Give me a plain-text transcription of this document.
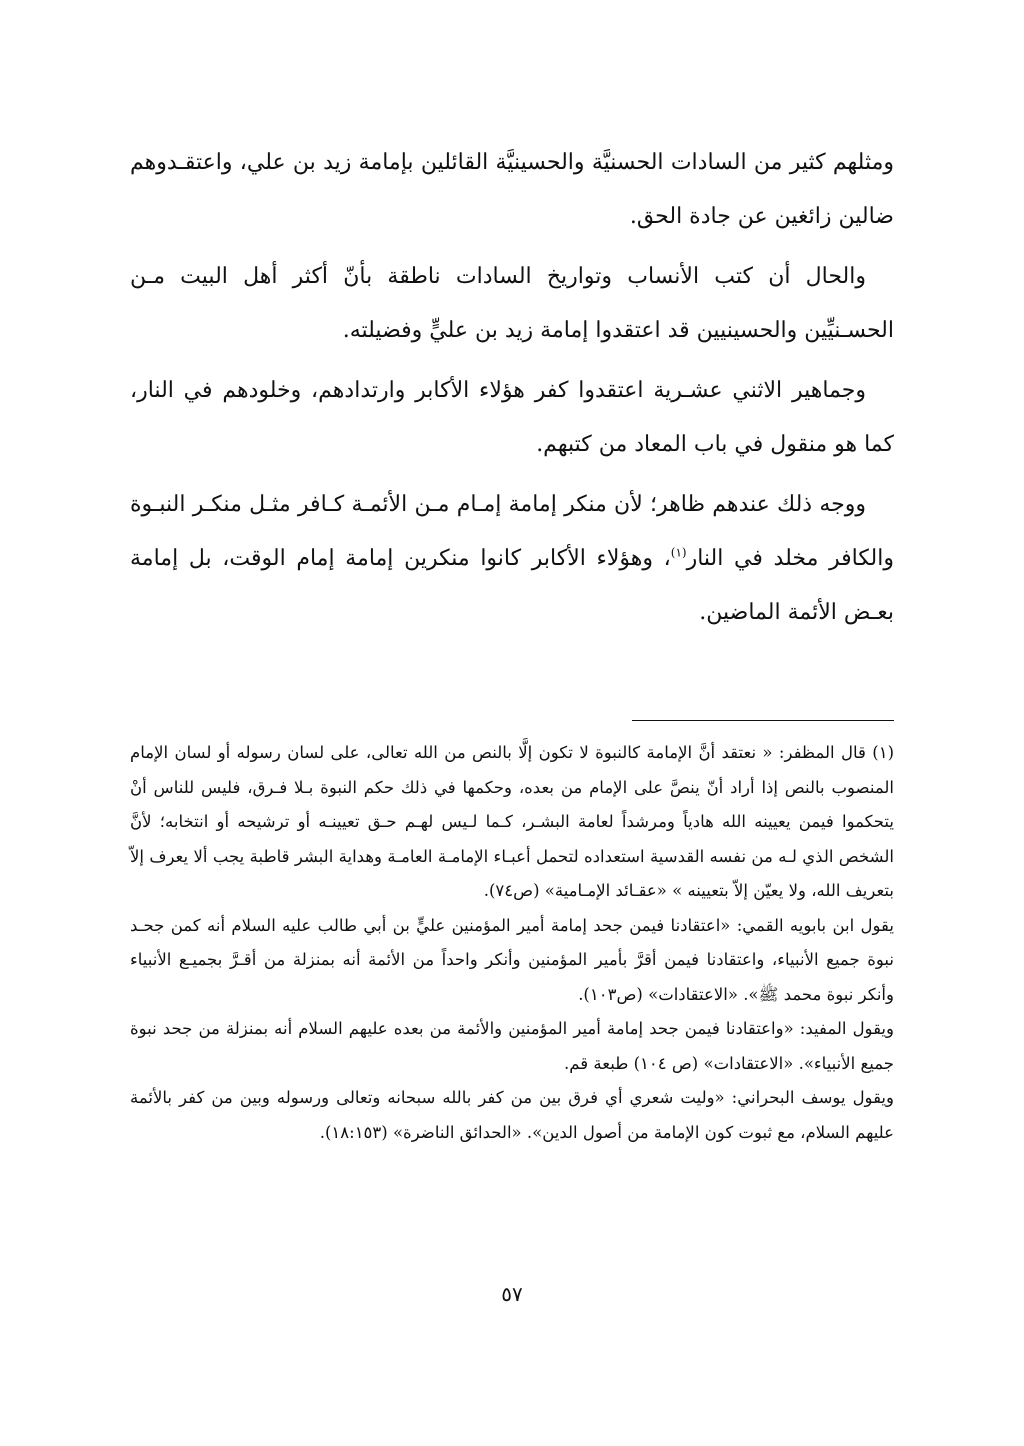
ومثلهم كثير من السادات الحسنيَّة والحسينيَّة القائلين بإمامة زيد بن علي، واعتقـدوهم ضالين زائغين عن جادة الحق.

والحال أن كتب الأنساب وتواريخ السادات ناطقة بأنّ أكثر أهل البيت مـن الحسـنيِّين والحسينيين قد اعتقدوا إمامة زيد بن عليٍّ وفضيلته.

وجماهير الاثني عشـرية اعتقدوا كفر هؤلاء الأكابر وارتدادهم، وخلودهم في النار، كما هو منقول في باب المعاد من كتبهم.

ووجه ذلك عندهم ظاهر؛ لأن منكر إمامة إمـام مـن الأئمـة كـافر مثـل منكـر النبـوة والكافر مخلد في النار$^{(١)}$، وهؤلاء الأكابر كانوا منكرين إمامة إمام الوقت، بل إمامة بعـض الأئمة الماضين.

(١) قال المظفر: « نعتقد أنَّ الإمامة كالنبوة لا تكون إلَّا بالنص من الله تعالى، على لسان رسوله أو لسان الإمام المنصوب بالنص إذا أراد أنّ ينصَّ على الإمام من بعده، وحكمها في ذلك حكم النبوة بـلا فـرق، فليس للناس أنْ يتحكموا فيمن يعيينه الله هادياً ومرشداً لعامة البشـر، كـما لـيس لهـم حـق تعيينـه أو ترشيحه أو انتخابه؛ لأنَّ الشخص الذي لـه من نفسه القدسية استعداده لتحمل أعبـاء الإمامـة العامـة وهداية البشر قاطبة يجب ألا يعرف إلاّ بتعريف الله، ولا يعيّن إلاّ بتعيينه » «عقـائد الإمـامية» (ص٧٤).

يقول ابن بابويه القمي: «اعتقادنا فيمن جحد إمامة أمير المؤمنين عليٍّ بن أبي طالب عليه السلام أنه كمن جحـد نبوة جميع الأنبياء، واعتقادنا فيمن أقرَّ بأمير المؤمنين وأنكر واحداً من الأئمة أنه بمنزلة من أقـرَّ بجميـع الأنبياء وأنكر نبوة محمد ﷺ». «الاعتقادات» (ص١٠٣).

ويقول المفيد: «واعتقادنا فيمن جحد إمامة أمير المؤمنين والأئمة من بعده عليهم السلام أنه بمنزلة من جحد نبوة جميع الأنبياء». «الاعتقادات» (ص ١٠٤) طبعة قم.

ويقول يوسف البحراني: «وليت شعري أي فرق بين من كفر بالله سبحانه وتعالى ورسوله وبين من كفر بالأئمة عليهم السلام، مع ثبوت كون الإمامة من أصول الدين». «الحدائق الناضرة» (١٨:١٥٣).

٥٧
